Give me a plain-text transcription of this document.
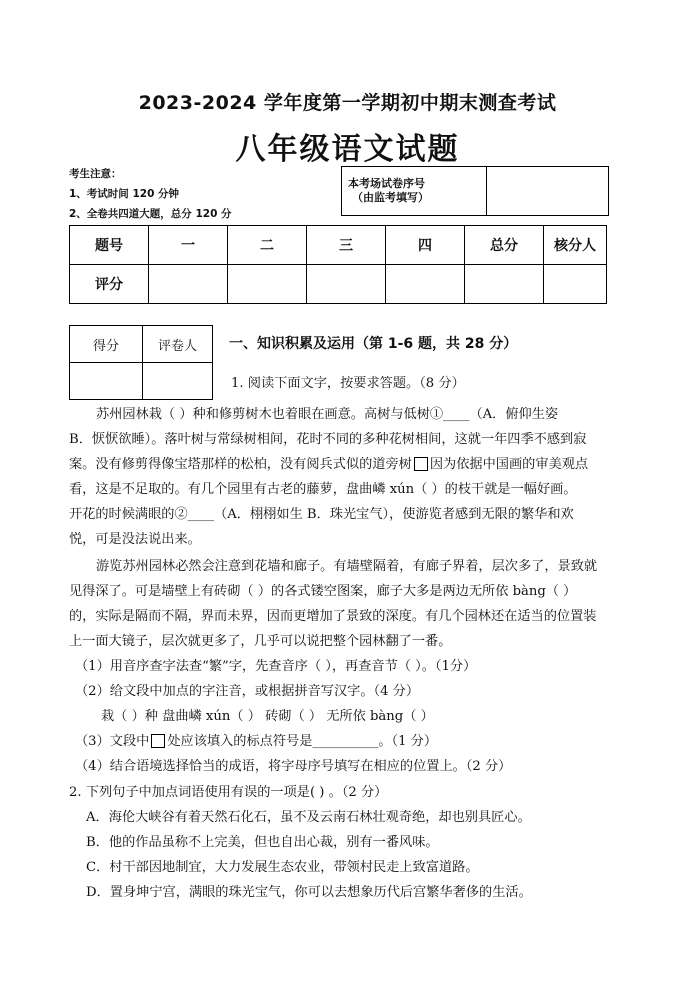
2023-2024 学年度第一学期初中期末测查考试
八年级语文试题
考生注意：
1、考试时间 120 分钟
2、全卷共四道大题，总分 120 分
本考场试卷序号
（由监考填写）

题号	一	二	三	四	总分	核分人
评分						
得分	评卷人
	一、知识积累及运用（第 1-6 题，共 28 分）
1. 阅读下面文字，按要求答题。（8 分）
苏州园林栽（ ）种和修剪树木也着眼在画意。高树与低树①____（A．俯仰生姿
B．恹恹欲睡）。落叶树与常绿树相间，花时不同的多种花树相间，这就一年四季不感到寂
案。没有修剪得像宝塔那样的松柏，没有阅兵式似的道旁树 因为依据中国画的审美观点
看，这是不足取的。有几个园里有古老的藤萝，盘曲嶙 xún（ ）的枝干就是一幅好画。
开花的时候满眼的②____（A．栩栩如生 B．珠光宝气），使游览者感到无限的繁华和欢
悦，可是没法说出来。
游览苏州园林必然会注意到花墙和廊子。有墙壁隔着，有廊子界着，层次多了，景致就
见得深了。可是墙壁上有砖砌（ ）的各式镂空图案，廊子大多是两边无所依 bàng（ ）
的，实际是隔而不隔，界而未界，因而更增加了景致的深度。有几个园林还在适当的位置装
上一面大镜子，层次就更多了，几乎可以说把整个园林翻了一番。
（1）用音序查字法查“繁”字，先查音序（ ），再查音节（ ）。（1分）
（2）给文段中加点的字注音，或根据拼音写汉字。（4 分）
栽（ ）种 盘曲嶙 xún（ ） 砖砌（ ） 无所依 bàng（ ）
（3）文段中 处应该填入的标点符号是__________。（1 分）
（4）结合语境选择恰当的成语，将字母序号填写在相应的位置上。（2 分）
2. 下列句子中加点词语使用有误的一项是( ) 。（2 分）
A．海伦大峡谷有着天然石化石，虽不及云南石林壮观奇绝，却也别具匠心。
B．他的作品虽称不上完美，但也自出心裁，别有一番风味。
C．村干部因地制宜，大力发展生态农业，带领村民走上致富道路。
D．置身坤宁宫，满眼的珠光宝气，你可以去想象历代后宫繁华奢侈的生活。
